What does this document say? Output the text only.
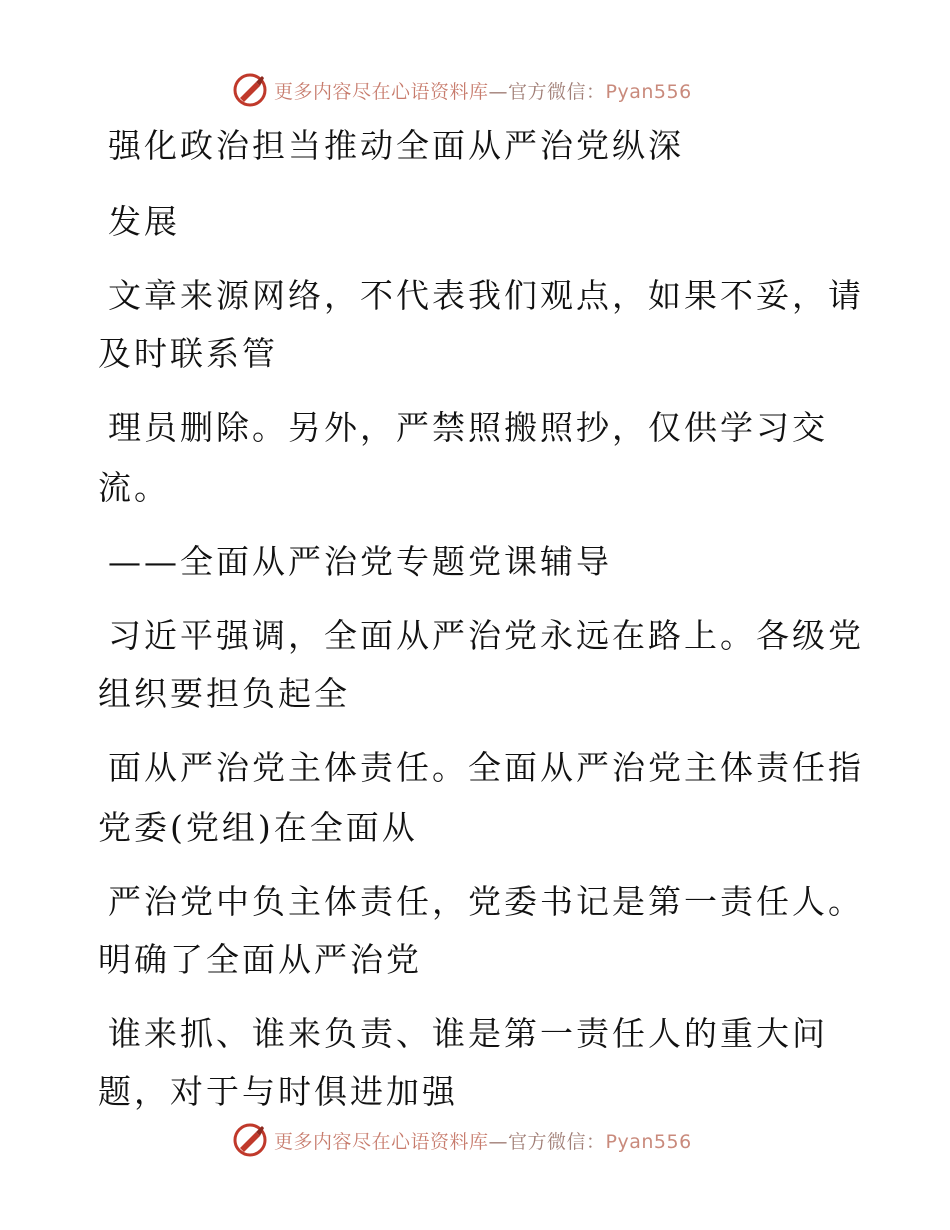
更多内容尽在心语资料库—官方微信：Pyan556
强化政治担当推动全面从严治党纵深
发展
文章来源网络，不代表我们观点，如果不妥，请
及时联系管
理员删除。另外，严禁照搬照抄，仅供学习交
流。
——全面从严治党专题党课辅导
习近平强调，全面从严治党永远在路上。各级党
组织要担负起全
面从严治党主体责任。全面从严治党主体责任指
党委(党组)在全面从
严治党中负主体责任，党委书记是第一责任人。
明确了全面从严治党
谁来抓、谁来负责、谁是第一责任人的重大问
题，对于与时俱进加强
更多内容尽在心语资料库—官方微信：Pyan556
